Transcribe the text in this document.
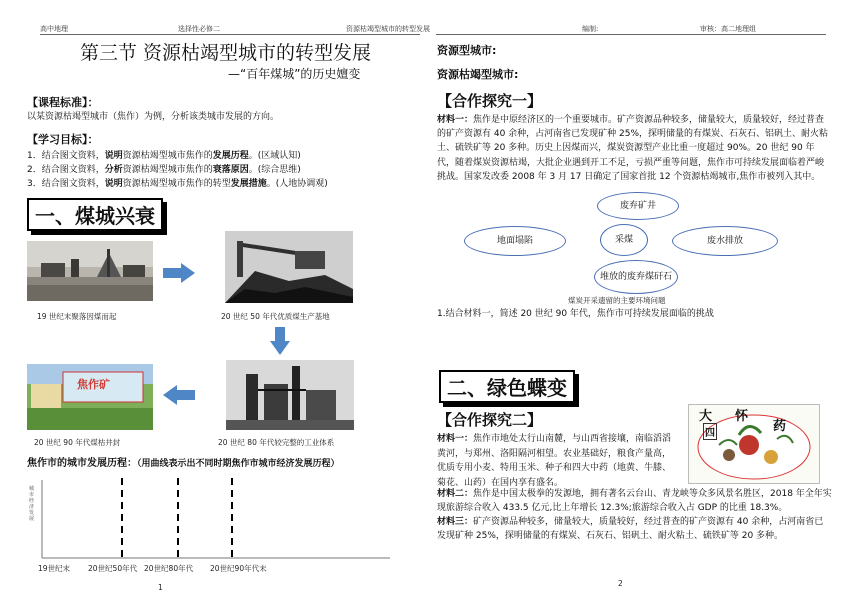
高中地理	选择性必修二	资源枯竭型城市的转型发展	编制:	审核：高二地理组
第三节 资源枯竭型城市的转型发展
—“百年煤城”的历史嬗变
【课程标准】：
以某资源枯竭型城市（焦作）为例，分析该类城市发展的方向。
【学习目标】：
1．结合图文资料，说明资源枯竭型城市焦作的发展历程。(区域认知)
2．结合图文资料，分析资源枯竭型城市焦作的衰落原因。(综合思维)
3．结合图文资料，说明资源枯竭型城市焦作的转型发展措施。(人地协调观)
一、煤城兴衰
19 世纪末聚落因煤而起	20 世纪 50 年代优质煤生产基地
20 世纪 80 年代较完整的工业体系
焦作矿
20 世纪 90 年代煤枯井封
焦作市的城市发展历程：（用曲线表示出不同时期焦作市城市经济发展历程）
城市经济发展
19世纪末 20世纪50年代 20世纪80年代 20世纪90年代末
1
资源型城市:
资源枯竭型城市:
【合作探究一】
材料一：焦作是中原经济区的一个重要城市。矿产资源品种较多，储量较大，质量较好，经过普查的矿产资源有 40 余种，占河南省已发现矿种 25%，探明储量的有煤炭、石灰石、铝矾土、耐火粘土、硫铁矿等 20 多种。历史上因煤而兴，煤炭资源型产业比重一度超过 90%。20 世纪 90 年代，随着煤炭资源枯竭，大批企业遇到开工不足，亏损严重等问题，焦作市可持续发展面临着严峻挑战。国家发改委 2008 年 3 月 17 日确定了国家首批 12 个资源枯竭城市,焦作市被列入其中。
废弃矿井
地面塌陷	采煤	废水排放
堆放的废弃煤矸石
煤炭开采遗留的主要环境问题
1.结合材料一，简述 20 世纪 90 年代，焦作市可持续发展面临的挑战
二、绿色蝶变
【合作探究二】
材料一：焦作市地处太行山南麓，与山西省接壤，南临滔滔黄河，与郑州、洛阳隔河相望。农业基础好，粮食产量高，优质专用小麦、特用玉米、种子和四大中药（地黄、牛膝、菊花、山药）在国内享有盛名。
大 怀
药
四
材料二：焦作是中国太极拳的发源地，拥有著名云台山、青龙峡等众多风景名胜区，2018 年全年实现旅游综合收入 433.5 亿元,比上年增长 12.3%;旅游综合收入占 GDP 的比重 18.3%。
材料三：矿产资源品种较多，储量较大，质量较好，经过普查的矿产资源有 40 余种，占河南省已发现矿种 25%，探明储量的有煤炭、石灰石、铝矾土、耐火粘土、硫铁矿等 20 多种。
2
